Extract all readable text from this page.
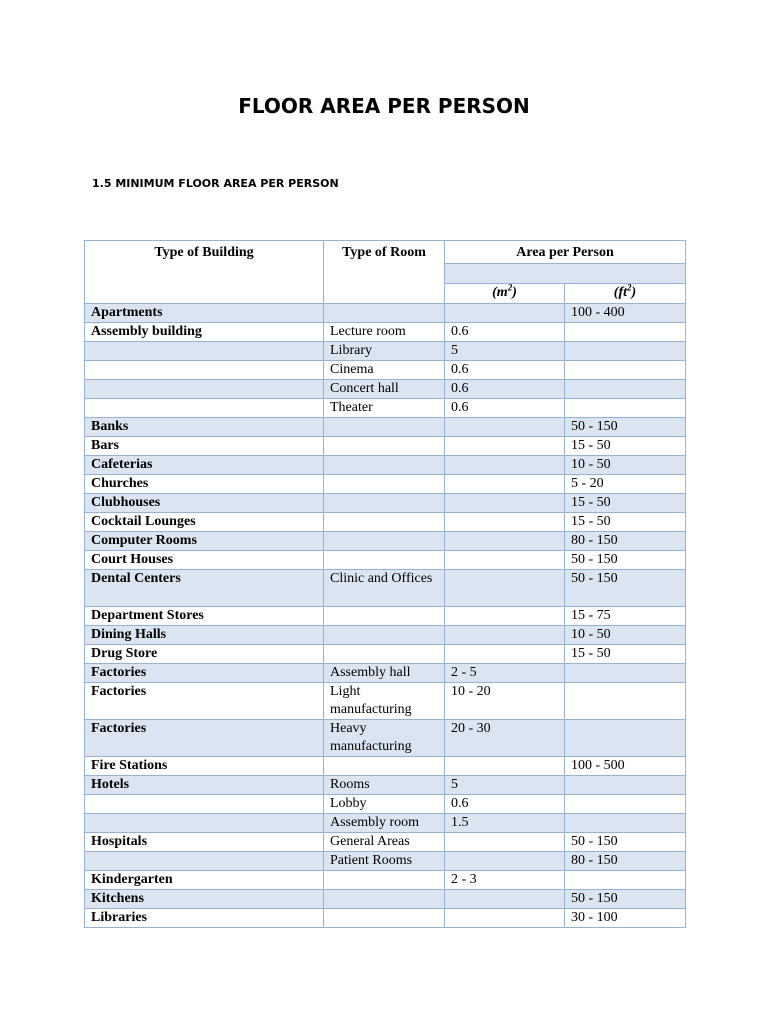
FLOOR AREA PER PERSON
1.5 MINIMUM FLOOR AREA PER PERSON
Type of Building	Type of Room	Area per Person	

		$(m^2)$	$(ft^2)$
Apartments			100 - 400
Assembly building	Lecture room	0.6	
	Library	5	
	Cinema	0.6	
	Concert hall	0.6	
	Theater	0.6	
Banks			50 - 150
Bars			15 - 50
Cafeterias			10 - 50
Churches			5 - 20
Clubhouses			15 - 50
Cocktail Lounges			15 - 50
Computer Rooms			80 - 150
Court Houses			50 - 150
Dental Centers	Clinic and Offices		50 - 150
Department Stores			15 - 75
Dining Halls			10 - 50
Drug Store			15 - 50
Factories	Assembly hall	2 - 5	
Factories	Light manufacturing	10 - 20	
Factories	Heavy manufacturing	20 - 30	
Fire Stations			100 - 500
Hotels	Rooms	5	
	Lobby	0.6	
	Assembly room	1.5	
Hospitals	General Areas		50 - 150
	Patient Rooms		80 - 150
Kindergarten		2 - 3	
Kitchens			50 - 150
Libraries			30 - 100
